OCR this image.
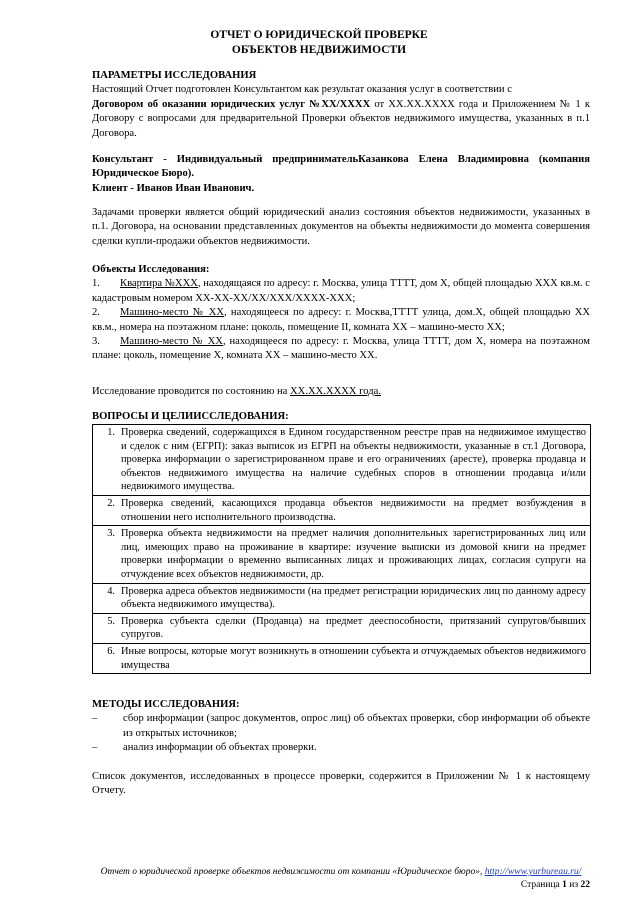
ОТЧЕТ О ЮРИДИЧЕСКОЙ ПРОВЕРКЕ
ОБЪЕКТОВ НЕДВИЖИМОСТИ
ПАРАМЕТРЫ ИССЛЕДОВАНИЯ
Настоящий Отчет подготовлен Консультантом как результат оказания услуг в соответствии с
Договором об оказании юридических услуг №XX/XXXX от XX.XX.XXXX года и Приложением № 1 к Договору с вопросами для предварительной Проверки объектов недвижимого имущества, указанных в п.1 Договора.
Консультант - Индивидуальный предпринимательКазанкова Елена Владимировна (компания Юридическое Бюро).
Клиент - Иванов Иван Иванович.
Задачами проверки является общий юридический анализ состояния объектов недвижимости, указанных в п.1. Договора, на основании представленных документов на объекты недвижимости до момента совершения сделки купли-продажи объектов недвижимости.
Объекты Исследования:
1. Квартира №XXX, находящаяся по адресу: г. Москва, улица ТТТТ, дом Х, общей площадью XXX кв.м. с кадастровым номером XX-XX-XX/XX/XXX/XXXX-XXX;
2. Машино-место № XX, находящееся по адресу: г. Москва,ТТТТ улица, дом.Х, общей площадью XX кв.м., номера на поэтажном плане: цоколь, помещение II, комната XX – машино-место XX;
3. Машино-место № XX, находящееся по адресу: г. Москва, улица ТТТТ, дом Х, номера на поэтажном плане: цоколь, помещение Х, комната XX – машино-место XX.
Исследование проводится по состоянию на XX.XX.XXXX года.
ВОПРОСЫ И ЦЕЛИИССЛЕДОВАНИЯ:
1. Проверка сведений, содержащихся в Едином государственном реестре прав на недвижимое имущество и сделок с ним (ЕГРП): заказ выписок из ЕГРП на объекты недвижимости, указанные в ст.1 Договора, проверка информации о зарегистрированном праве и его ограничениях (аресте), проверка продавца и объектов недвижимого имущества на наличие судебных споров в отношении продавца и/или недвижимого имущества.

2. Проверка сведений, касающихся продавца объектов недвижимости на предмет возбуждения в отношении него исполнительного производства.

3. Проверка объекта недвижимости на предмет наличия дополнительных зарегистрированных лиц или лиц, имеющих право на проживание в квартире: изучение выписки из домовой книги на предмет проверки информации о временно выписанных лицах и проживающих лицах, согласия супруги на отчуждение всех объектов недвижимости, др.

4. Проверка адреса объектов недвижимости (на предмет регистрации юридических лиц по данному адресу объекта недвижимого имущества).

5. Проверка субъекта сделки (Продавца) на предмет дееспособности, притязаний супругов/бывших супругов.

6. Иные вопросы, которые могут возникнуть в отношении субъекта и отчуждаемых объектов недвижимого имущества
МЕТОДЫ ИССЛЕДОВАНИЯ:
–	сбор информации (запрос документов, опрос лиц) об объектах проверки, сбор информации об объекте из открытых источников;
–	анализ информации об объектах проверки.
Список документов, исследованных в процессе проверки, содержится в Приложении № 1 к настоящему Отчету.
Отчет о юридической проверке объектов недвижимости от компании «Юридическое бюро», http://www.yurbureau.ru/
Страница 1 из 22
